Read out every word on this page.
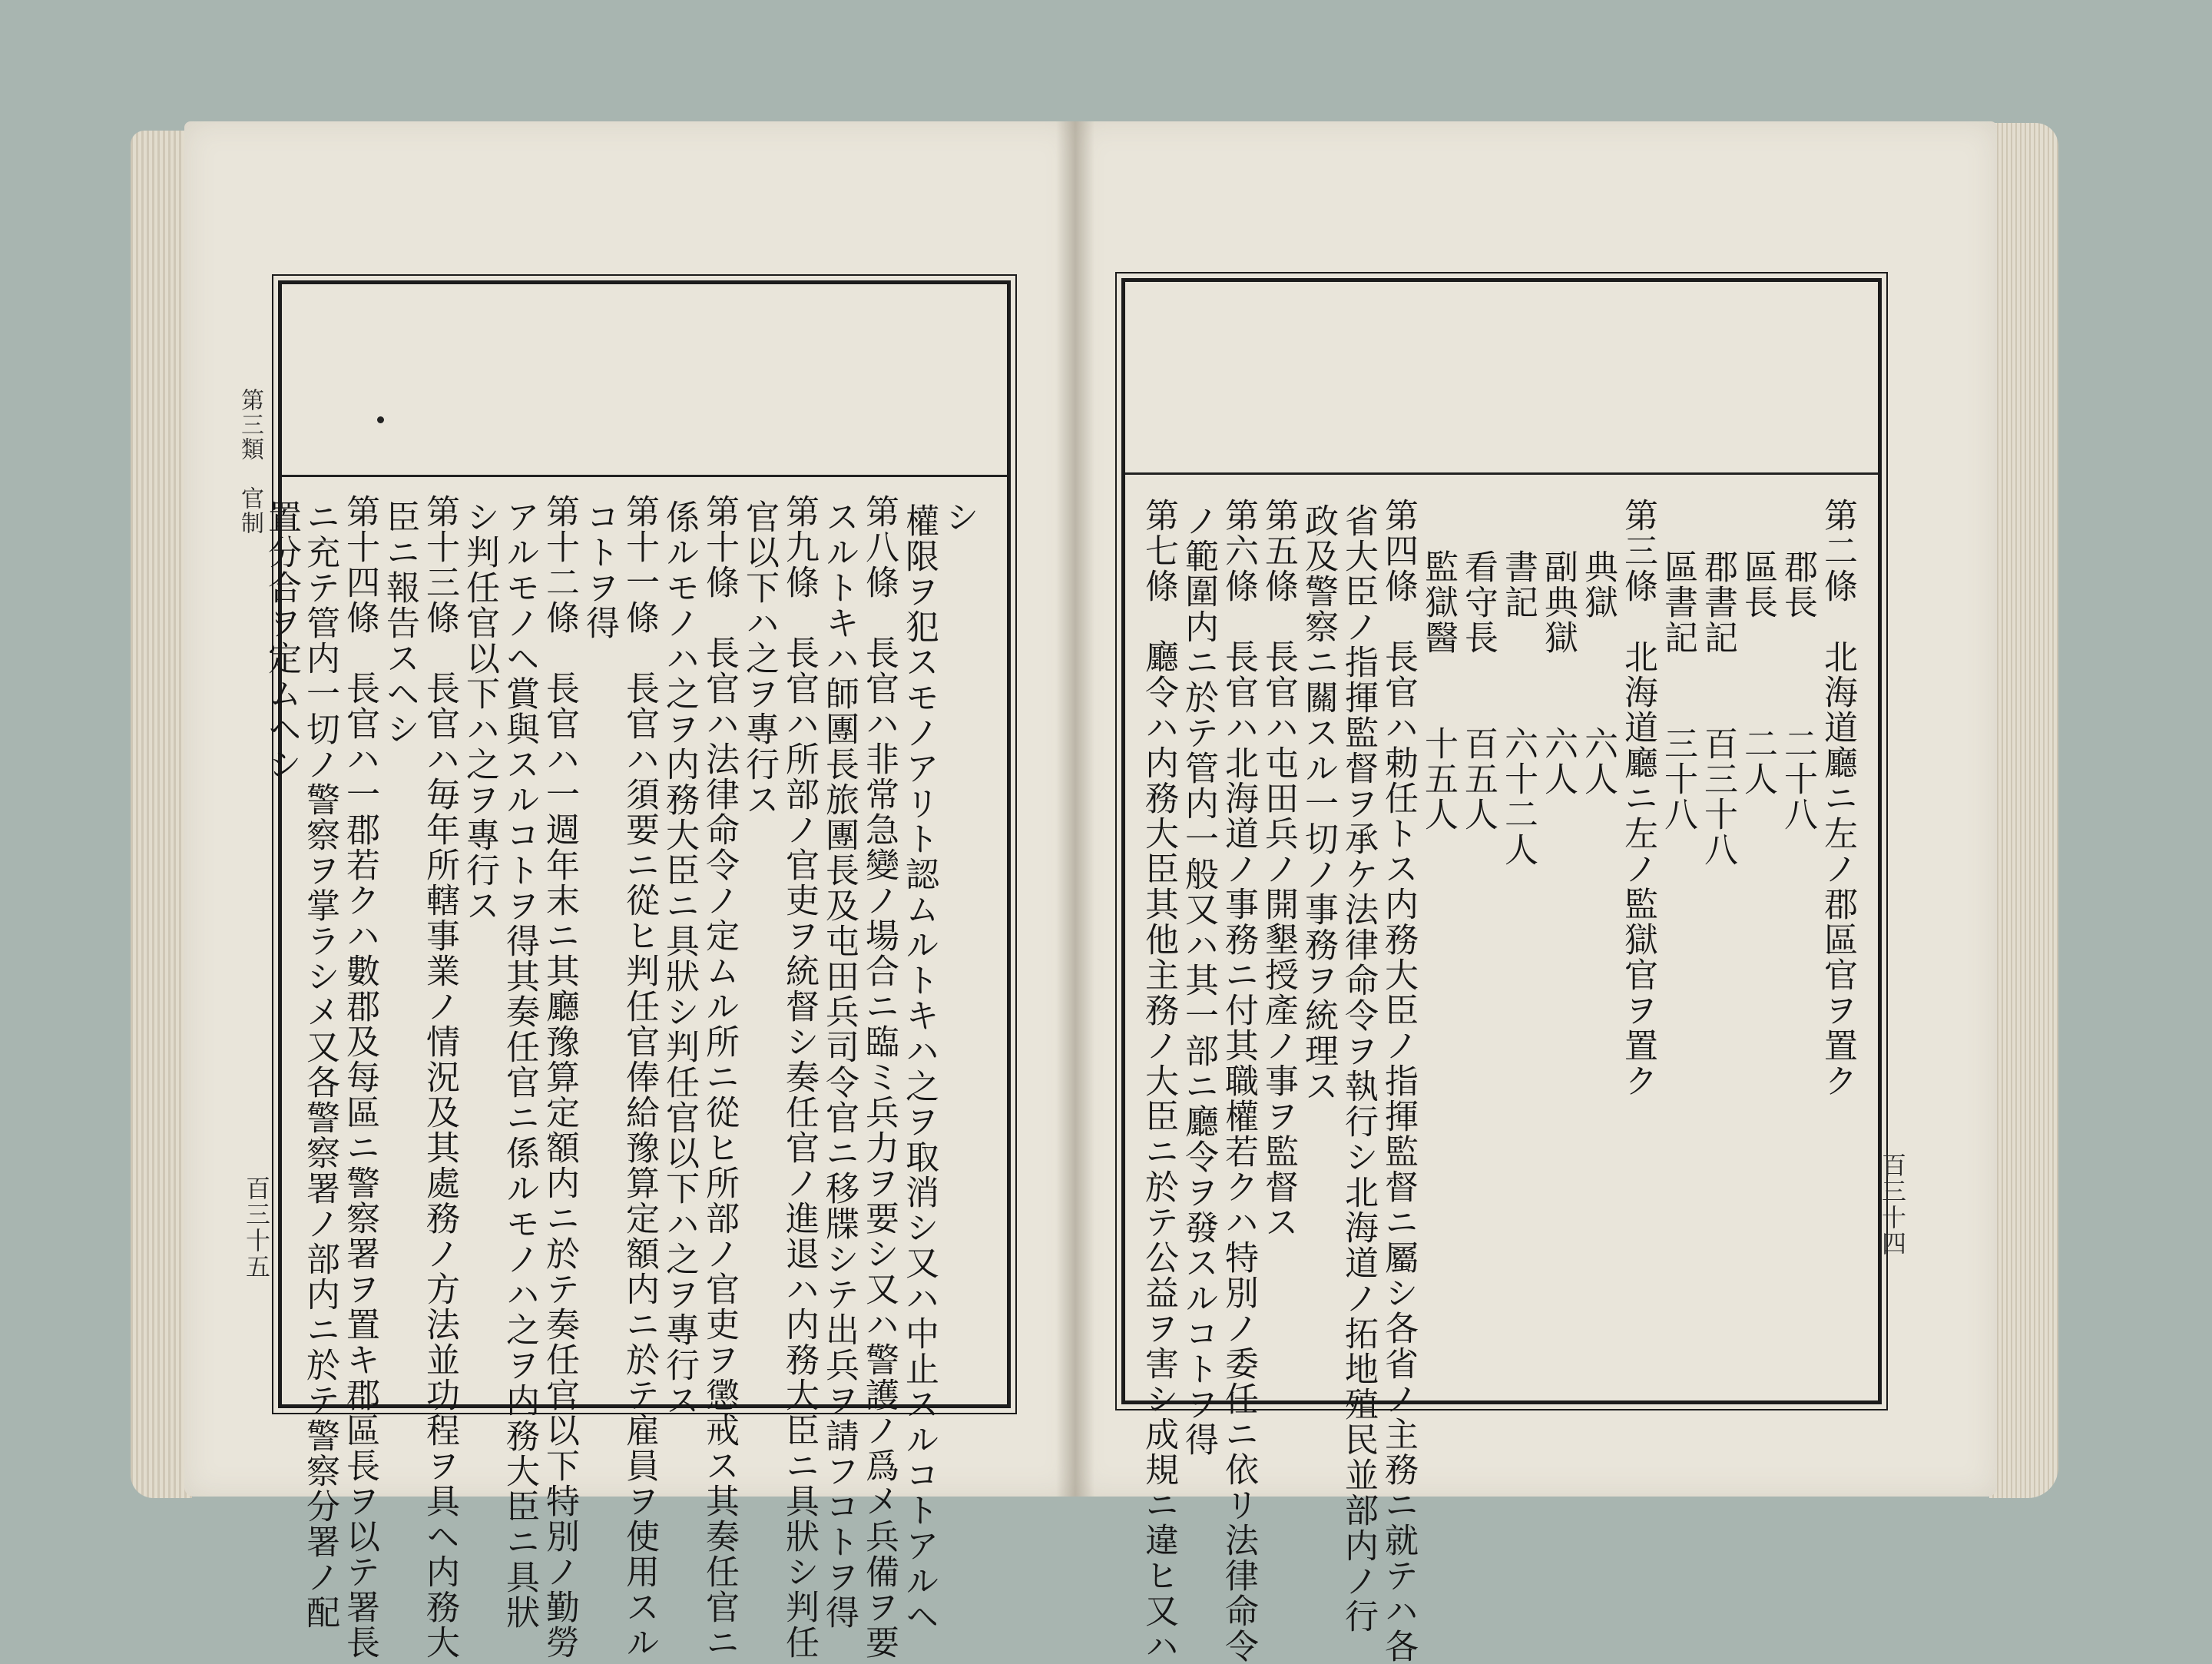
第三類　官制
百三十五
シ
權限ヲ犯スモノアリト認ムルトキハ之ヲ取消シ又ハ中止スルコトアルヘ
第八條　長官ハ非常急變ノ場合ニ臨ミ兵力ヲ要シ又ハ警護ノ爲メ兵備ヲ要
スルトキハ師團長旅團長及屯田兵司令官ニ移牒シテ出兵ヲ請フコトヲ得
第九條　長官ハ所部ノ官吏ヲ統督シ奏任官ノ進退ハ内務大臣ニ具狀シ判任
官以下ハ之ヲ專行ス
第十條　長官ハ法律命令ノ定ムル所ニ從ヒ所部ノ官吏ヲ懲戒ス其奏任官ニ
係ルモノハ之ヲ内務大臣ニ具狀シ判任官以下ハ之ヲ專行ス
第十一條　長官ハ須要ニ從ヒ判任官俸給豫算定額内ニ於テ雇員ヲ使用スル
コトヲ得
第十二條　長官ハ一週年末ニ其廳豫算定額内ニ於テ奏任官以下特別ノ勤勞
アルモノヘ賞與スルコトヲ得其奏任官ニ係ルモノハ之ヲ内務大臣ニ具狀
シ判任官以下ハ之ヲ專行ス
第十三條　長官ハ毎年所轄事業ノ情況及其處務ノ方法並功程ヲ具ヘ内務大
臣ニ報告スヘシ
第十四條　長官ハ一郡若クハ數郡及每區ニ警察署ヲ置キ郡區長ヲ以テ署長
ニ充テ管内一切ノ警察ヲ掌ラシメ又各警察署ノ部内ニ於テ警察分署ノ配
置分合ヲ定ムヘシ
百三十四
第二條　北海道廳ニ左ノ郡區官ヲ置ク
郡長　　　二十八
區長　　　二人
郡書記　　百三十八
區書記　　三十八
第三條　北海道廳ニ左ノ監獄官ヲ置ク
典獄　　　六人
副典獄　　六人
書記　　　六十二人
看守長　　百五人
監獄醫　　十五人
第四條　長官ハ勅任トス内務大臣ノ指揮監督ニ屬シ各省ノ主務ニ就テハ各
省大臣ノ指揮監督ヲ承ケ法律命令ヲ執行シ北海道ノ拓地殖民並部内ノ行
政及警察ニ關スル一切ノ事務ヲ統理ス
第五條　長官ハ屯田兵ノ開墾授產ノ事ヲ監督ス
第六條　長官ハ北海道ノ事務ニ付其職權若クハ特別ノ委任ニ依リ法律命令
ノ範圍内ニ於テ管内一般又ハ其一部ニ廳令ヲ發スルコトヲ得
第七條　廳令ハ内務大臣其他主務ノ大臣ニ於テ公益ヲ害シ成規ニ違ヒ又ハ
